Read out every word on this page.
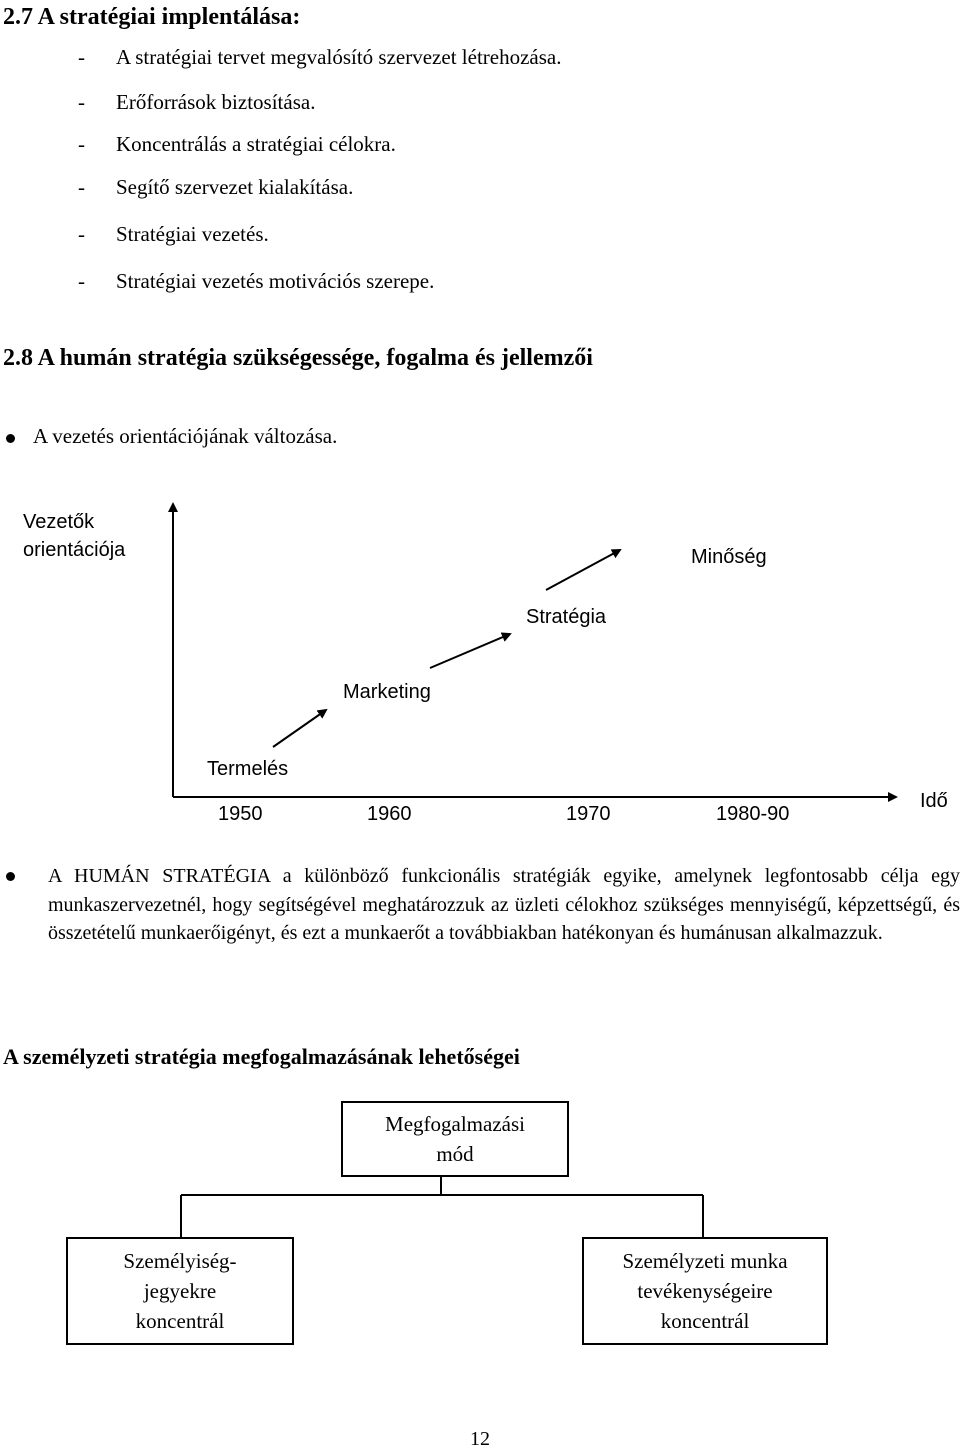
2.7 A stratégiai implentálása:
- A stratégiai tervet megvalósító szervezet létrehozása.
- Erőforrások biztosítása.
- Koncentrálás a stratégiai célokra.
- Segítő szervezet kialakítása.
- Stratégiai vezetés.
- Stratégiai vezetés motivációs szerepe.
2.8 A humán stratégia szükségessége, fogalma és jellemzői
A vezetés orientációjának változása.
Vezetők
orientációja
Idő
1950	1960	1970	1980-90
Termelés
Marketing
Stratégia
Minőség
A HUMÁN STRATÉGIA a különböző funkcionális stratégiák egyike, amelynek legfontosabb célja egy munkaszervezetnél, hogy segítségével meghatározzuk az üzleti célokhoz szükséges mennyiségű, képzettségű, és összetételű munkaerőigényt, és ezt a munkaerőt a továbbiakban hatékonyan és humánusan alkalmazzuk.
A személyzeti stratégia megfogalmazásának lehetőségei
Megfogalmazási
mód
Személyiség-
jegyekre
koncentrál
Személyzeti munka
tevékenységeire
koncentrál
12
